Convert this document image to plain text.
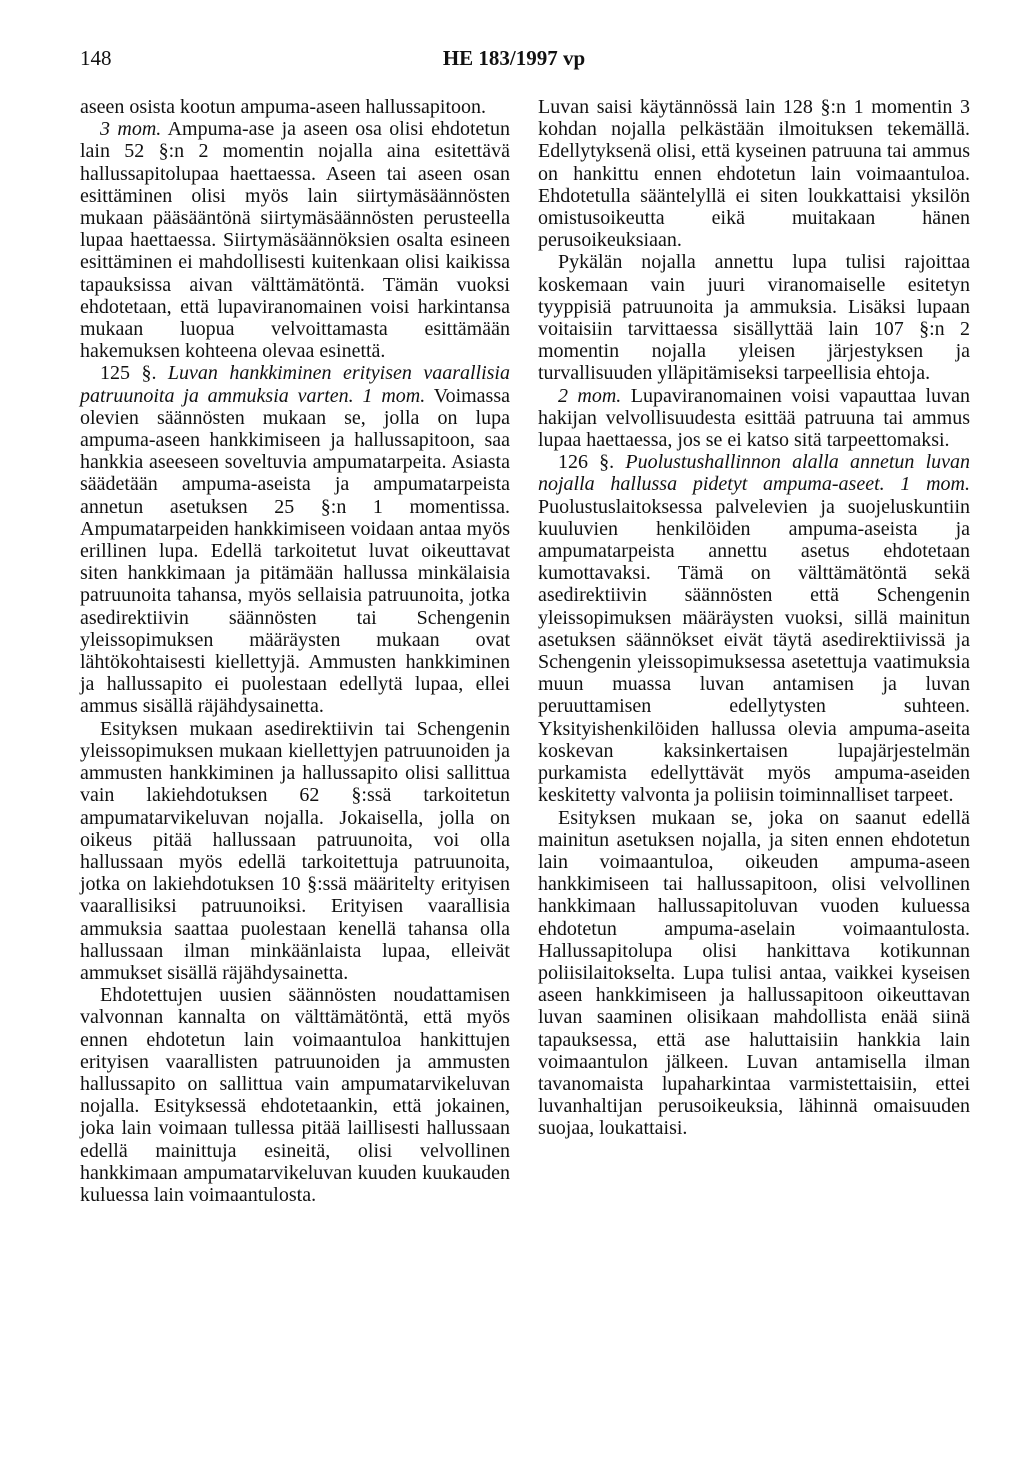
148	HE 183/1997 vp

aseen osista kootun ampuma-aseen hallussapitoon.

3 mom. Ampuma-ase ja aseen osa olisi ehdotetun lain 52 §:n 2 momentin nojalla aina esitettävä hallussapitolupaa haettaessa. Aseen tai aseen osan esittäminen olisi myös lain siirtymäsäännösten mukaan pääsääntönä siirtymäsäännösten perusteella lupaa haettaessa. Siirtymäsäännöksien osalta esineen esittäminen ei mahdollisesti kuitenkaan olisi kaikissa tapauksissa aivan välttämätöntä. Tämän vuoksi ehdotetaan, että lupaviranomainen voisi harkintansa mukaan luopua velvoittamasta esittämään hakemuksen kohteena olevaa esinettä.

125 §. Luvan hankkiminen erityisen vaarallisia patruunoita ja ammuksia varten. 1 mom. Voimassa olevien säännösten mukaan se, jolla on lupa ampuma-aseen hankkimiseen ja hallussapitoon, saa hankkia aseeseen soveltuvia ampumatarpeita. Asiasta säädetään ampuma-aseista ja ampumatarpeista annetun asetuksen 25 §:n 1 momentissa. Ampumatarpeiden hankkimiseen voidaan antaa myös erillinen lupa. Edellä tarkoitetut luvat oikeuttavat siten hankkimaan ja pitämään hallussa minkälaisia patruunoita tahansa, myös sellaisia patruunoita, jotka asedirektiivin säännösten tai Schengenin yleissopimuksen määräysten mukaan ovat lähtökohtaisesti kiellettyjä. Ammusten hankkiminen ja hallussapito ei puolestaan edellytä lupaa, ellei ammus sisällä räjähdysainetta.

Esityksen mukaan asedirektiivin tai Schengenin yleissopimuksen mukaan kiellettyjen patruunoiden ja ammusten hankkiminen ja hallussapito olisi sallittua vain lakiehdotuksen 62 §:ssä tarkoitetun ampumatarvikeluvan nojalla. Jokaisella, jolla on oikeus pitää hallussaan patruunoita, voi olla hallussaan myös edellä tarkoitettuja patruunoita, jotka on lakiehdotuksen 10 §:ssä määritelty erityisen vaarallisiksi patruunoiksi. Erityisen vaarallisia ammuksia saattaa puolestaan kenellä tahansa olla hallussaan ilman minkäänlaista lupaa, elleivät ammukset sisällä räjähdysainetta.

Ehdotettujen uusien säännösten noudattamisen valvonnan kannalta on välttämätöntä, että myös ennen ehdotetun lain voimaantuloa hankittujen erityisen vaarallisten patruunoiden ja ammusten hallussapito on sallittua vain ampumatarvikeluvan nojalla. Esityksessä ehdotetaankin, että jokainen, joka lain voimaan tullessa pitää laillisesti hallussaan edellä mainittuja esineitä, olisi velvollinen hankkimaan ampumatarvikeluvan kuuden kuukauden kuluessa lain voimaantulosta.

Luvan saisi käytännössä lain 128 §:n 1 momentin 3 kohdan nojalla pelkästään ilmoituksen tekemällä. Edellytyksenä olisi, että kyseinen patruuna tai ammus on hankittu ennen ehdotetun lain voimaantuloa. Ehdotetulla sääntelyllä ei siten loukkattaisi yksilön omistusoikeutta eikä muitakaan hänen perusoikeuksiaan.

Pykälän nojalla annettu lupa tulisi rajoittaa koskemaan vain juuri viranomaiselle esitetyn tyyppisiä patruunoita ja ammuksia. Lisäksi lupaan voitaisiin tarvittaessa sisällyttää lain 107 §:n 2 momentin nojalla yleisen järjestyksen ja turvallisuuden ylläpitämiseksi tarpeellisia ehtoja.

2 mom. Lupaviranomainen voisi vapauttaa luvan hakijan velvollisuudesta esittää patruuna tai ammus lupaa haettaessa, jos se ei katso sitä tarpeettomaksi.

126 §. Puolustushallinnon alalla annetun luvan nojalla hallussa pidetyt ampuma-aseet. 1 mom. Puolustuslaitoksessa palvelevien ja suojeluskuntiin kuuluvien henkilöiden ampuma-aseista ja ampumatarpeista annettu asetus ehdotetaan kumottavaksi. Tämä on välttämätöntä sekä asedirektiivin säännösten että Schengenin yleissopimuksen määräysten vuoksi, sillä mainitun asetuksen säännökset eivät täytä asedirektiivissä ja Schengenin yleissopimuksessa asetettuja vaatimuksia muun muassa luvan antamisen ja luvan peruuttamisen edellytysten suhteen. Yksityishenkilöiden hallussa olevia ampuma-aseita koskevan kaksinkertaisen lupajärjestelmän purkamista edellyttävät myös ampuma-aseiden keskitetty valvonta ja poliisin toiminnalliset tarpeet.

Esityksen mukaan se, joka on saanut edellä mainitun asetuksen nojalla, ja siten ennen ehdotetun lain voimaantuloa, oikeuden ampuma-aseen hankkimiseen tai hallussapitoon, olisi velvollinen hankkimaan hallussapitoluvan vuoden kuluessa ehdotetun ampuma-aselain voimaantulosta. Hallussapitolupa olisi hankittava kotikunnan poliisilaitokselta. Lupa tulisi antaa, vaikkei kyseisen aseen hankkimiseen ja hallussapitoon oikeuttavan luvan saaminen olisikaan mahdollista enää siinä tapauksessa, että ase haluttaisiin hankkia lain voimaantulon jälkeen. Luvan antamisella ilman tavanomaista lupaharkintaa varmistettaisiin, ettei luvanhaltijan perusoikeuksia, lähinnä omaisuuden suojaa, loukattaisi.
